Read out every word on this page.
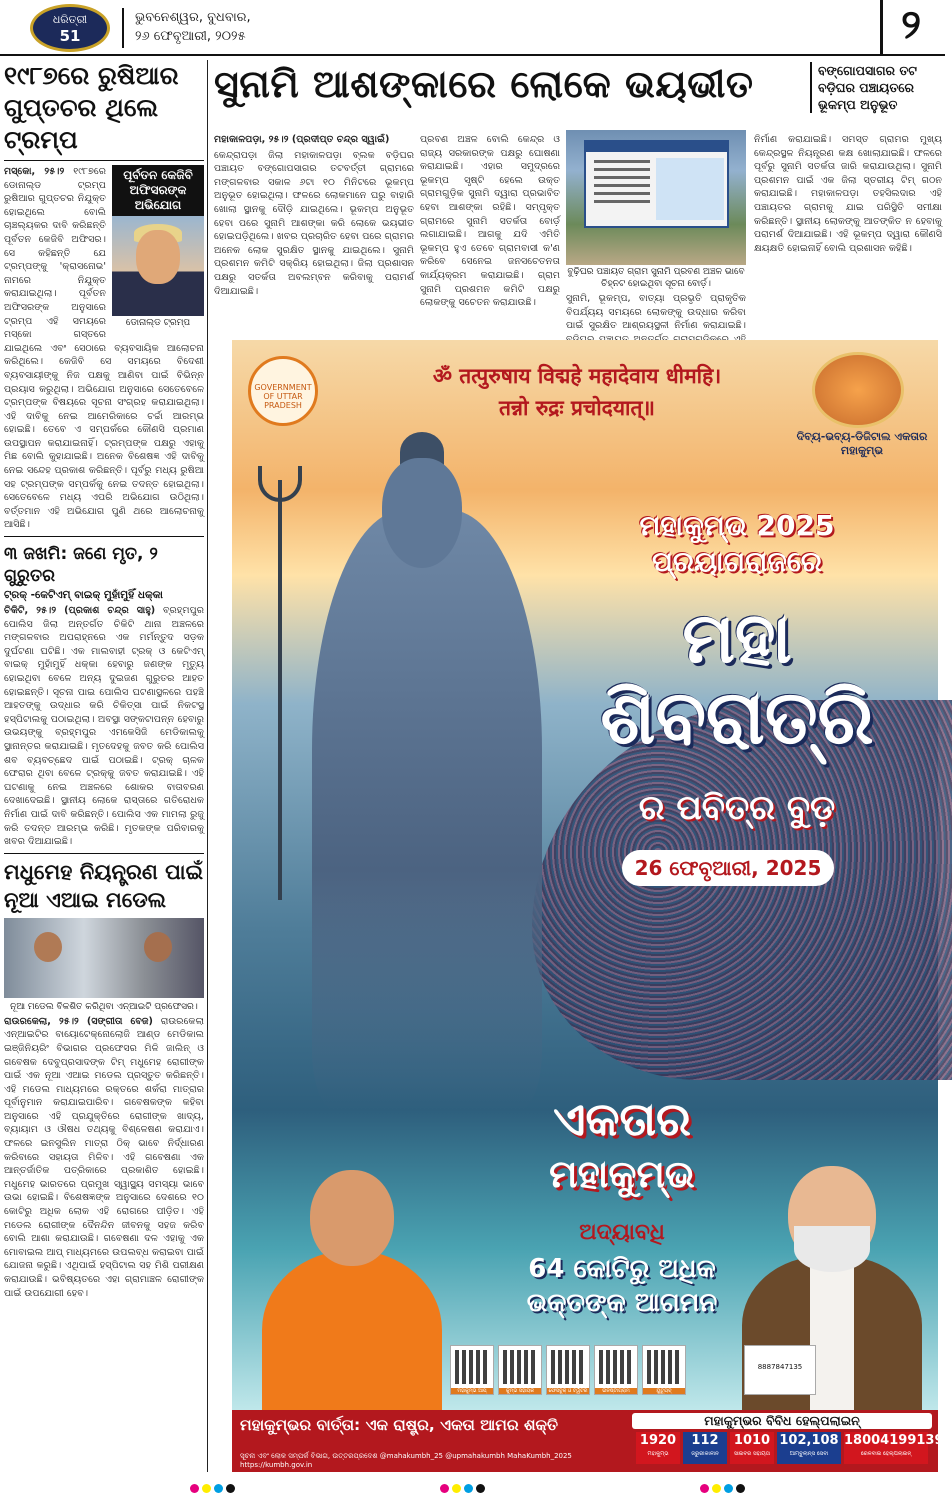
ଧରିତ୍ରୀ
51
ଭୁବନେଶ୍ୱର, ବୁଧବାର,
୨୬ ଫେବୃଆରୀ, ୨୦୨୫	୨
୧୯୮୭ରେ ରୁଷିଆର ଗୁପ୍ତଚର ଥିଲେ ଟ୍ରମ୍ପ
ପୂର୍ବତନ କେଜିବି ଅଫିସରଙ୍କ ଅଭିଯୋଗ
ଡୋନାଲ୍ଡ ଟ୍ରମ୍ପ
ମସ୍କୋ, ୨୫।୨ ୧୯୮୭ରେ ଡୋନାଲ୍ଡ ଟ୍ରମ୍ପ ରୁଷିଆର ଗୁପ୍ତଚର ନିଯୁକ୍ତ ହୋଇଥିଲେ ବୋଲି ଚାଞ୍ଚଲ୍ୟକର ଦାବି କରିଛନ୍ତି ପୂର୍ବତନ କେଜିବି ଅଫିସର। ସେ କହିଛନ୍ତି ଯେ ଟ୍ରମ୍ପଙ୍କୁ 'କ୍ରାସନୋଭ' ନାମରେ ନିଯୁକ୍ତ କରାଯାଇଥିଲା। ପୂର୍ବତନ ଅଫିସରଙ୍କ ଅନୁସାରେ ଟ୍ରମ୍ପ ଏହି ସମୟରେ ମସ୍କୋ ଗସ୍ତରେ ଯାଇଥିଲେ ଏବଂ ସେଠାରେ ବ୍ୟବସାୟିକ ଆଲୋଚନା କରିଥିଲେ। କେଜିବି ସେ ସମୟରେ ବିଦେଶୀ ବ୍ୟବସାୟୀଙ୍କୁ ନିଜ ପକ୍ଷକୁ ଆଣିବା ପାଇଁ ବିଭିନ୍ନ ପ୍ରୟାସ କରୁଥିଲା। ଅଭିଯୋଗ ଅନୁସାରେ ସେତେବେଳେ ଟ୍ରମ୍ପଙ୍କ ବିଷୟରେ ସୂଚନା ସଂଗ୍ରହ କରାଯାଇଥିଲା। ଏହି ଦାବିକୁ ନେଇ ଆମେରିକାରେ ଚର୍ଚ୍ଚା ଆରମ୍ଭ ହୋଇଛି। ତେବେ ଏ ସମ୍ପର୍କରେ କୌଣସି ପ୍ରମାଣ ଉପସ୍ଥାପନ କରାଯାଇନାହିଁ। ଟ୍ରମ୍ପଙ୍କ ପକ୍ଷରୁ ଏହାକୁ ମିଛ ବୋଲି କୁହାଯାଇଛି। ଅନେକ ବିଶେଷଜ୍ଞ ଏହି ଦାବିକୁ ନେଇ ସନ୍ଦେହ ପ୍ରକାଶ କରିଛନ୍ତି। ପୂର୍ବରୁ ମଧ୍ୟ ରୁଷିଆ ସହ ଟ୍ରମ୍ପଙ୍କ ସମ୍ପର୍କକୁ ନେଇ ତଦନ୍ତ ହୋଇଥିଲା। ସେତେବେଳେ ମଧ୍ୟ ଏପରି ଅଭିଯୋଗ ଉଠିଥିଲା। ବର୍ତ୍ତମାନ ଏହି ଅଭିଯୋଗ ପୁଣି ଥରେ ଆଲୋଚନାକୁ ଆସିଛି।
୩ ଜଖମି: ଜଣେ ମୃତ, ୨ ଗୁରୁତର
ଟ୍ରକ୍ -କେଟିଏମ୍ ବାଇକ୍ ମୁହାଁମୁହିଁ ଧକ୍କା
ଚିକିଟି, ୨୫।୨ (ପ୍ରକାଶ ଚନ୍ଦ୍ର ସାହୁ) ବ୍ରହ୍ମପୁର ପୋଲିସ ଜିଲା ଅନ୍ତର୍ଗତ ଚିକିଟି ଥାନା ଅଞ୍ଚଳରେ ମଙ୍ଗଳବାର ଅପରାହ୍ନରେ ଏକ ମର୍ମନ୍ତୁଦ ସଡ଼କ ଦୁର୍ଘଟଣା ଘଟିଛି। ଏକ ମାଲବାହୀ ଟ୍ରକ୍ ଓ କେଟିଏମ୍ ବାଇକ୍ ମୁହାଁମୁହିଁ ଧକ୍କା ହେବାରୁ ଜଣଙ୍କ ମୃତ୍ୟୁ ହୋଇଥିବା ବେଳେ ଅନ୍ୟ ଦୁଇଜଣ ଗୁରୁତର ଆହତ ହୋଇଛନ୍ତି। ସୂଚନା ପାଇ ପୋଲିସ ଘଟଣାସ୍ଥଳରେ ପହଞ୍ଚି ଆହତଙ୍କୁ ଉଦ୍ଧାର କରି ଚିକିତ୍ସା ପାଇଁ ନିକଟସ୍ଥ ହସ୍ପିଟାଲକୁ ପଠାଇଥିଲା। ଅବସ୍ଥା ସଙ୍କଟାପନ୍ନ ହେବାରୁ ଉଭୟଙ୍କୁ ବ୍ରହ୍ମପୁର ଏମକେସିଜି ମେଡିକାଲକୁ ସ୍ଥାନାନ୍ତର କରାଯାଇଛି। ମୃତଦେହକୁ ଜବତ କରି ପୋଲିସ ଶବ ବ୍ୟବଚ୍ଛେଦ ପାଇଁ ପଠାଇଛି। ଟ୍ରକ୍ ଚାଳକ ଫେରାର ଥିବା ବେଳେ ଟ୍ରକ୍କୁ ଜବତ କରାଯାଇଛି। ଏହି ଘଟଣାକୁ ନେଇ ଅଞ୍ଚଳରେ ଶୋକର ବାତାବରଣ ଦେଖାଦେଇଛି। ସ୍ଥାନୀୟ ଲୋକେ ରାସ୍ତାରେ ଗତିରୋଧକ ନିର୍ମାଣ ପାଇଁ ଦାବି କରିଛନ୍ତି। ପୋଲିସ ଏକ ମାମଲା ରୁଜୁ କରି ତଦନ୍ତ ଆରମ୍ଭ କରିଛି। ମୃତକଙ୍କ ପରିବାରକୁ ଖବର ଦିଆଯାଇଛି।
ମଧୁମେହ ନିୟନ୍ତ୍ରଣ ପାଇଁ ନୂଆ ଏଆଇ ମଡେଲ
ନୂଆ ମଡେଲ ବିକଶିତ କରିଥିବା ଏନ୍‌ଆଇଟି ପ୍ରଫେସର।
ରାଉରକେଲା, ୨୫।୨ (ସଙ୍ଗୀତା ବେଜ) ରାଉରକେଲା ଏନ୍‌ଆଇଟିର ବାୟୋଟେକ୍ନୋଲୋଜି ଆଣ୍ଡ ମେଡିକାଲ ଇଞ୍ଜିନିୟରିଂ ବିଭାଗର ପ୍ରଫେସର ମିଳି ଜାଲିନ୍ ଓ ଗବେଷକ ଦେବୁପ୍ରସାଦଙ୍କ ଟିମ୍ ମଧୁମେହ ରୋଗୀଙ୍କ ପାଇଁ ଏକ ନୂଆ ଏଆଇ ମଡେଲ ପ୍ରସ୍ତୁତ କରିଛନ୍ତି। ଏହି ମଡେଲ ମାଧ୍ୟମରେ ରକ୍ତରେ ଶର୍କରା ମାତ୍ରାର ପୂର୍ବାନୁମାନ କରାଯାଇପାରିବ। ଗବେଷକଙ୍କ କହିବା ଅନୁସାରେ ଏହି ପ୍ରଯୁକ୍ତିରେ ରୋଗୀଙ୍କ ଖାଦ୍ୟ, ବ୍ୟାୟାମ ଓ ଔଷଧ ତଥ୍ୟକୁ ବିଶ୍ଳେଷଣ କରାଯାଏ। ଫଳରେ ଇନସୁଲିନ ମାତ୍ରା ଠିକ୍ ଭାବେ ନିର୍ଦ୍ଧାରଣ କରିବାରେ ସହାୟତା ମିଳିବ। ଏହି ଗବେଷଣା ଏକ ଆନ୍ତର୍ଜାତିକ ପତ୍ରିକାରେ ପ୍ରକାଶିତ ହୋଇଛି। ମଧୁମେହ ଭାରତରେ ପ୍ରମୁଖ ସ୍ୱାସ୍ଥ୍ୟ ସମସ୍ୟା ଭାବେ ଉଭା ହୋଇଛି। ବିଶେଷଜ୍ଞଙ୍କ ଅନୁସାରେ ଦେଶରେ ୧୦ କୋଟିରୁ ଅଧିକ ଲୋକ ଏହି ରୋଗରେ ପୀଡ଼ିତ। ଏହି ମଡେଲ ରୋଗୀଙ୍କ ଦୈନନ୍ଦିନ ଜୀବନକୁ ସହଜ କରିବ ବୋଲି ଆଶା କରାଯାଉଛି। ଗବେଷଣା ଦଳ ଏହାକୁ ଏକ ମୋବାଇଲ ଆପ୍ ମାଧ୍ୟମରେ ଉପଲବ୍ଧ କରାଇବା ପାଇଁ ଯୋଜନା କରୁଛି। ଏଥିପାଇଁ ହସ୍ପିଟାଲ ସହ ମିଶି ପରୀକ୍ଷଣ କରାଯାଉଛି। ଭବିଷ୍ୟତରେ ଏହା ଗ୍ରାମାଞ୍ଚଳ ରୋଗୀଙ୍କ ପାଇଁ ଉପଯୋଗୀ ହେବ।
ସୁନାମି ଆଶଙ୍କାରେ ଲୋକେ ଭୟଭୀତ	ବଙ୍ଗୋପସାଗର ତଟ ବଡ଼ିଘର ପଞ୍ଚାୟତରେ ଭୂକମ୍ପ ଅନୁଭୂତ
ମହାକାଳପଡ଼ା, ୨୫।୨ (ପ୍ରଦୀପ୍ତ ଚନ୍ଦ୍ର ସ୍ୱାଇଁ)
କେନ୍ଦ୍ରାପଡ଼ା ଜିଲା ମହାକାଳପଡ଼ା ବ୍ଲକ ବଡ଼ିଘର ପଞ୍ଚାୟତ ବଙ୍ଗୋପସାଗର ତଟବର୍ତ୍ତୀ ଗ୍ରାମରେ ମଙ୍ଗଳବାର ସକାଳ ୬ଟା ୧୦ ମିନିଟରେ ଭୂକମ୍ପ ଅନୁଭୂତ ହୋଇଥିଲା। ଫଳରେ ଲୋକମାନେ ଘରୁ ବାହାରି ଖୋଲା ସ୍ଥାନକୁ ଦୌଡ଼ି ଯାଇଥିଲେ। ଭୂକମ୍ପ ଅନୁଭୂତ ହେବା ପରେ ସୁନାମି ଆଶଙ୍କା କରି ଲୋକେ ଭୟଭୀତ ହୋଇପଡ଼ିଥିଲେ। ଖବର ପ୍ରଚାରିତ ହେବା ପରେ ଗ୍ରାମର ଅନେକ ଲୋକ ସୁରକ୍ଷିତ ସ୍ଥାନକୁ ଯାଇଥିଲେ। ସୁନାମି ପ୍ରଶମନ କମିଟି ସକ୍ରିୟ ହୋଇଥିଲା। ଜିଲା ପ୍ରଶାସନ ପକ୍ଷରୁ ସତର୍କତା ଅବଲମ୍ବନ କରିବାକୁ ପରାମର୍ଶ ଦିଆଯାଇଛି।
ପ୍ରବଣ ଅଞ୍ଚଳ ବୋଲି କେନ୍ଦ୍ର ଓ ରାଜ୍ୟ ସରକାରଙ୍କ ପକ୍ଷରୁ ଘୋଷଣା କରାଯାଇଛି। ଏହାର ସମୁଦ୍ରରେ ଭୂକମ୍ପ ସୃଷ୍ଟି ହେଲେ ଉକ୍ତ ଗ୍ରାମଗୁଡ଼ିକ ସୁନାମି ଦ୍ୱାରା ପ୍ରଭାବିତ ହେବା ଆଶଙ୍କା ରହିଛି। ସମ୍ପୃକ୍ତ ଗ୍ରାମରେ ସୁନାମି ସତର୍କତା ବୋର୍ଡ଼ ଲଗାଯାଇଛି। ଆଗକୁ ଯଦି ଏମିତି ଭୂକମ୍ପ ହୁଏ ତେବେ ଗ୍ରାମବାସୀ କ'ଣ କରିବେ ସେନେଇ ଜନସଚେତନତା କାର୍ଯ୍ୟକ୍ରମ କରାଯାଇଛି। ଗ୍ରାମ ସୁନାମି ପ୍ରଶମନ କମିଟି ପକ୍ଷରୁ ଲୋକଙ୍କୁ ସଚେତନ କରାଯାଉଛି।
ବୁଢ଼ିଘର ପଞ୍ଚାୟତ ଗ୍ରାମ ସୁନାମି ପ୍ରବଣ ଅଞ୍ଚଳ ଭାବେ ଚିହ୍ନଟ ହୋଇଥିବା ସୂଚନା ବୋର୍ଡ଼।
ନିର୍ମାଣ କରାଯାଇଛି। ସମସ୍ତ ଗ୍ରାମର ମୁଖ୍ୟ କେନ୍ଦ୍ରସ୍ଥଳ ନିୟନ୍ତ୍ରଣ କକ୍ଷ ଖୋଲାଯାଇଛି। ଫଳରେ ପୂର୍ବରୁ ସୁନାମି ସତର୍କତା ଜାରି କରାଯାଉଥିଲା। ସୁନାମି ପ୍ରଶମନ ପାଇଁ ଏକ ଜିଲା ସ୍ତରୀୟ ଟିମ୍ ଗଠନ କରାଯାଇଛି। ମହାକାଳପଡ଼ା ତହସିଲଦାର ଏହି ପଞ୍ଚାୟତର ଗ୍ରାମକୁ ଯାଇ ପରିସ୍ଥିତି ସମୀକ୍ଷା କରିଛନ୍ତି। ସ୍ଥାନୀୟ ଲୋକଙ୍କୁ ଆତଙ୍କିତ ନ ହେବାକୁ ପରାମର୍ଶ ଦିଆଯାଇଛି। ଏହି ଭୂକମ୍ପ ଦ୍ୱାରା କୌଣସି କ୍ଷୟକ୍ଷତି ହୋଇନାହିଁ ବୋଲି ପ୍ରଶାସନ କହିଛି।
ସୁନାମି, ଭୂକମ୍ପ, ବାତ୍ୟା ପ୍ରଭୃତି ପ୍ରାକୃତିକ ବିପର୍ଯ୍ୟୟ ସମୟରେ ଲୋକଙ୍କୁ ଉଦ୍ଧାର କରିବା ପାଇଁ ସୁରକ୍ଷିତ ଆଶ୍ରୟସ୍ଥଳୀ ନିର୍ମାଣ କରାଯାଇଛି।
GOVERNMENT OF UTTAR PRADESH
ॐ तत्पुरुषाय विद्महे महादेवाय धीमहि।
तन्नो रुद्रः प्रचोदयात्॥
ଦିବ୍ୟ-ଭବ୍ୟ-ଡିଜିଟାଲ ଏକତାର ମହାକୁମ୍ଭ
ମହାକୁମ୍ଭ 2025 ପ୍ରୟାଗରାଜରେ
ମହା
ଶିବରାତ୍ରି
ର ପବିତ୍ର ବୁଡ଼
26 ଫେବୃଆରୀ, 2025
ଏକତାର
ମହାକୁମ୍ଭ
ଅଦ୍ୟାବଧି
64 କୋଟିରୁ ଅଧିକ
ଭକ୍ତଙ୍କ ଆଗମନ
ମହାକୁମ୍ଭ ଆପ୍	କୁମ୍ଭ ସହାୟକ	ଫେସବୁକ୍ ଓ ଟ୍ୱିଟର	ଇନଷ୍ଟାଗ୍ରାମ	ୟୁଟ୍ୟୁବ୍
8887847135
ମହାକୁମ୍ଭର ବାର୍ତ୍ତା: ଏକ ରାଷ୍ଟ୍ର, ଏକତା ଆମର ଶକ୍ତି	ମହାକୁମ୍ଭର ବିବିଧ ହେଲ୍‌ପଲାଇନ୍
1920
ମହାକୁମ୍ଭ
112
ଜରୁରୀକାଳୀନ
1010
ସାଇବର ସହାୟତା
102,108
ଆମ୍ବୁଲାନ୍ସ ସେବା
18004199139
ରେଳବାଇ ହେଲ୍‌ପଲାଇନ୍
ସୂଚନା ଏବଂ ଲୋକ ସମ୍ପର୍କ ବିଭାଗ, ଉତ୍ତରପ୍ରଦେଶ @mahakumbh_25 @upmahakumbh MahaKumbh_2025 https://kumbh.gov.in
